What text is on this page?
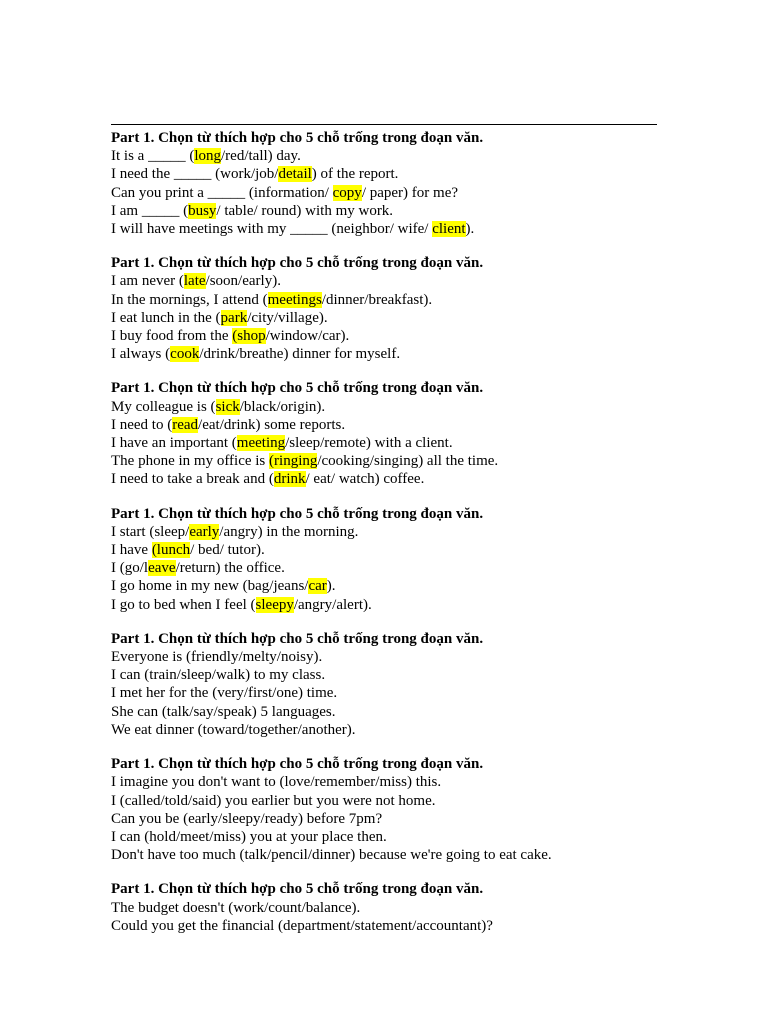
Part 1. Chọn từ thích hợp cho 5 chỗ trống trong đoạn văn.
It is a _____ (long/red/tall) day.
I need the _____ (work/job/detail) of the report.
Can you print a _____ (information/ copy/ paper) for me?
I am _____ (busy/ table/ round) with my work.
I will have meetings with my _____ (neighbor/ wife/ client).
Part 1. Chọn từ thích hợp cho 5 chỗ trống trong đoạn văn.
I am never (late/soon/early).
In the mornings, I attend (meetings/dinner/breakfast).
I eat lunch in the (park/city/village).
I buy food from the (shop/window/car).
I always (cook/drink/breathe) dinner for myself.
Part 1. Chọn từ thích hợp cho 5 chỗ trống trong đoạn văn.
My colleague is (sick/black/origin).
I need to (read/eat/drink) some reports.
I have an important (meeting/sleep/remote) with a client.
The phone in my office is (ringing/cooking/singing) all the time.
I need to take a break and (drink/ eat/ watch) coffee.
Part 1. Chọn từ thích hợp cho 5 chỗ trống trong đoạn văn.
I start (sleep/early/angry) in the morning.
I have (lunch/ bed/ tutor).
I (go/leave/return) the office.
I go home in my new (bag/jeans/car).
I go to bed when I feel (sleepy/angry/alert).
Part 1. Chọn từ thích hợp cho 5 chỗ trống trong đoạn văn.
Everyone is (friendly/melty/noisy).
I can (train/sleep/walk) to my class.
I met her for the (very/first/one) time.
She can (talk/say/speak) 5 languages.
We eat dinner (toward/together/another).
Part 1. Chọn từ thích hợp cho 5 chỗ trống trong đoạn văn.
I imagine you don't want to (love/remember/miss) this.
I (called/told/said) you earlier but you were not home.
Can you be (early/sleepy/ready) before 7pm?
I can (hold/meet/miss) you at your place then.
Don't have too much (talk/pencil/dinner) because we're going to eat cake.
Part 1. Chọn từ thích hợp cho 5 chỗ trống trong đoạn văn.
The budget doesn't (work/count/balance).
Could you get the financial (department/statement/accountant)?
